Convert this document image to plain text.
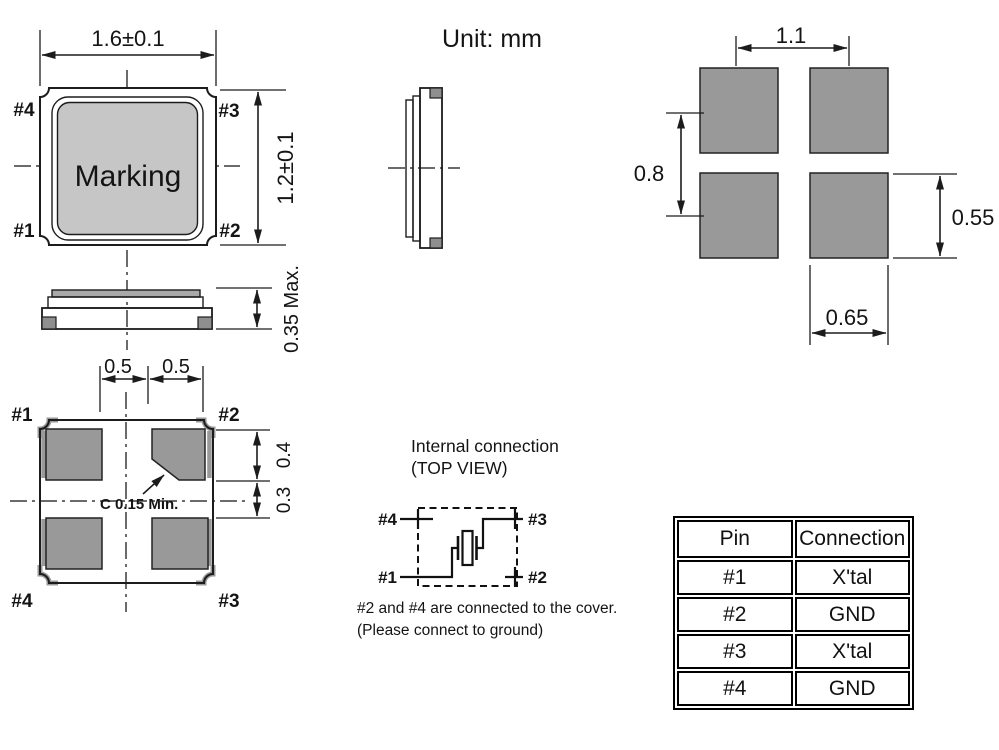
Marking
#4	#3
#1	#2
1.6±0.1
1.2±0.1
0.35 Max.
#1	#2
#4	#3
0.5 0.5
0.4
0.3
C 0.15 Min.
Unit: mm	1.1
0.8
0.55
0.65
Internal connection
(TOP VIEW)
#4	#3
#1	#2
#2 and #4 are connected to the cover.
(Please connect to ground)
Pin	Connection
#1	X'tal
#2	GND
#3	X'tal
#4	GND
